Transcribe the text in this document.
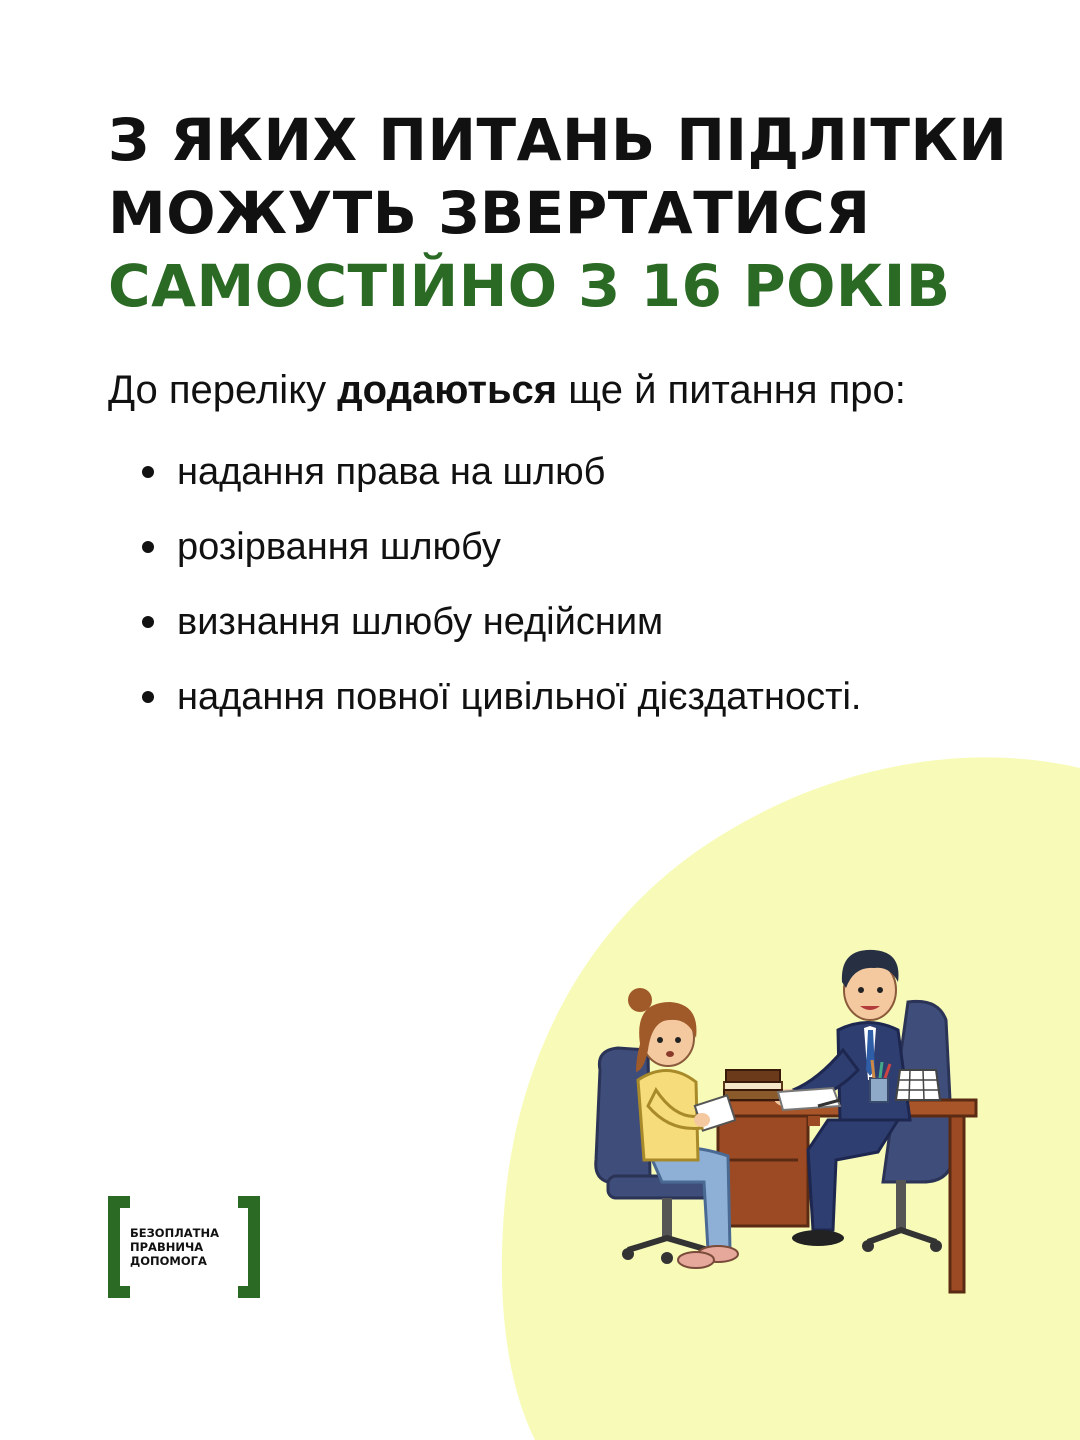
З ЯКИХ ПИТАНЬ ПІДЛІТКИ
МОЖУТЬ ЗВЕРТАТИСЯ
САМОСТІЙНО З 16 РОКІВ
До переліку додаються ще й питання про:
надання права на шлюб
розірвання шлюбу
визнання шлюбу недійсним
надання повної цивільної дієздатності.
БЕЗОПЛАТНА
ПРАВНИЧА
ДОПОМОГА
